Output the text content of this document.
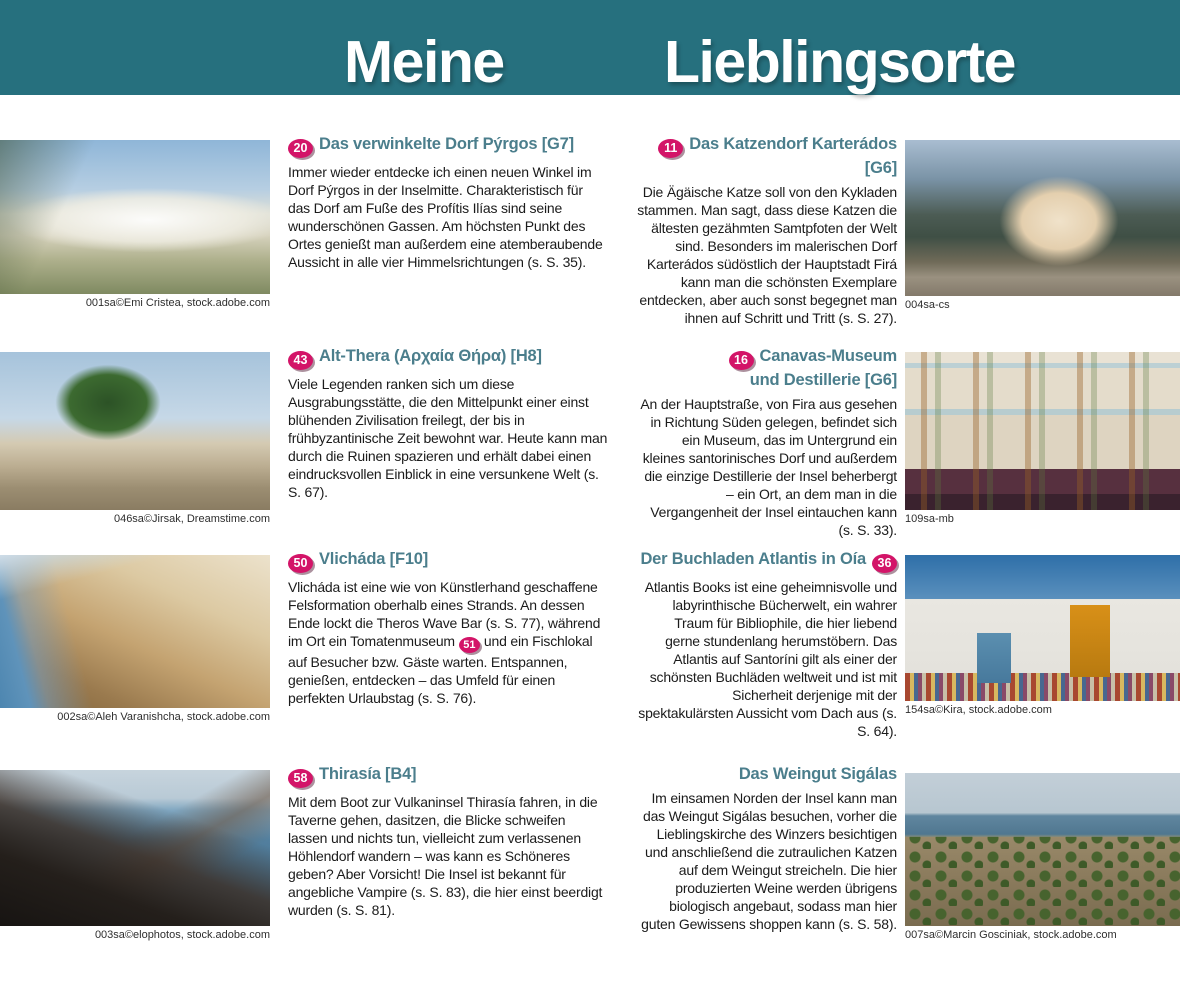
Meine	Lieblingsorte
001sa©Emi Cristea, stock.adobe.com
20 Das verwinkelte Dorf Pýrgos [G7]

Immer wieder entdecke ich einen neuen Winkel im Dorf Pýrgos in der Inselmitte. Charakteristisch für das Dorf am Fuße des Profítis Ilías sind seine wunderschönen Gassen. Am höchsten Punkt des Ortes genießt man außerdem eine atemberaubende Aussicht in alle vier Himmelsrichtungen (s. S. 35).

11 Das Katzendorf Karterádos [G6]

Die Ägäische Katze soll von den Kykladen stammen. Man sagt, dass diese Katzen die ältesten gezähmten Samtpfoten der Welt sind. Besonders im malerischen Dorf Karterádos südöstlich der Hauptstadt Firá kann man die schönsten Exemplare entdecken, aber auch sonst begegnet man ihnen auf Schritt und Tritt (s. S. 27).

004sa-cs
046sa©Jirsak, Dreamstime.com
43 Alt-Thera (Αρχαία Θήρα) [H8]

Viele Legenden ranken sich um diese Ausgrabungsstätte, die den Mittelpunkt einer einst blühenden Zivilisation freilegt, der bis in frühbyzantinische Zeit bewohnt war. Heute kann man durch die Ruinen spazieren und erhält dabei einen eindrucksvollen Einblick in eine versunkene Welt (s. S. 67).

16 Canavas-Museum
und Destillerie [G6]

An der Hauptstraße, von Fira aus gesehen in Richtung Süden gelegen, befindet sich ein Museum, das im Untergrund ein kleines santorinisches Dorf und außerdem die einzige Destillerie der Insel beherbergt – ein Ort, an dem man in die Vergangenheit der Insel eintauchen kann (s. S. 33).

109sa-mb
002sa©Aleh Varanishcha, stock.adobe.com
50 Vlicháda [F10]

Vlicháda ist eine wie von Künstlerhand geschaffene Felsformation oberhalb eines Strands. An dessen Ende lockt die Theros Wave Bar (s. S. 77), während im Ort ein Tomatenmuseum 51 und ein Fischlokal auf Besucher bzw. Gäste warten. Entspannen, genießen, entdecken – das Umfeld für einen perfekten Urlaubstag (s. S. 76).

Der Buchladen Atlantis in Oía 36

Atlantis Books ist eine geheimnisvolle und labyrinthische Bücherwelt, ein wahrer Traum für Bibliophile, die hier liebend gerne stundenlang herumstöbern. Das Atlantis auf Santoríni gilt als einer der schönsten Buchläden weltweit und ist mit Sicherheit derjenige mit der spektakulärsten Aussicht vom Dach aus (s. S. 64).

154sa©Kira, stock.adobe.com
003sa©elophotos, stock.adobe.com
58 Thirasía [B4]

Mit dem Boot zur Vulkaninsel Thirasía fahren, in die Taverne gehen, dasitzen, die Blicke schweifen lassen und nichts tun, vielleicht zum verlassenen Höhlendorf wandern – was kann es Schöneres geben? Aber Vorsicht! Die Insel ist bekannt für angebliche Vampire (s. S. 83), die hier einst beerdigt wurden (s. S. 81).

Das Weingut Sigálas

Im einsamen Norden der Insel kann man das Weingut Sigálas besuchen, vorher die Lieblingskirche des Winzers besichtigen und anschließend die zutraulichen Katzen auf dem Weingut streicheln. Die hier produzierten Weine werden übrigens biologisch angebaut, sodass man hier guten Gewissens shoppen kann (s. S. 58).

007sa©Marcin Gosciniak, stock.adobe.com
